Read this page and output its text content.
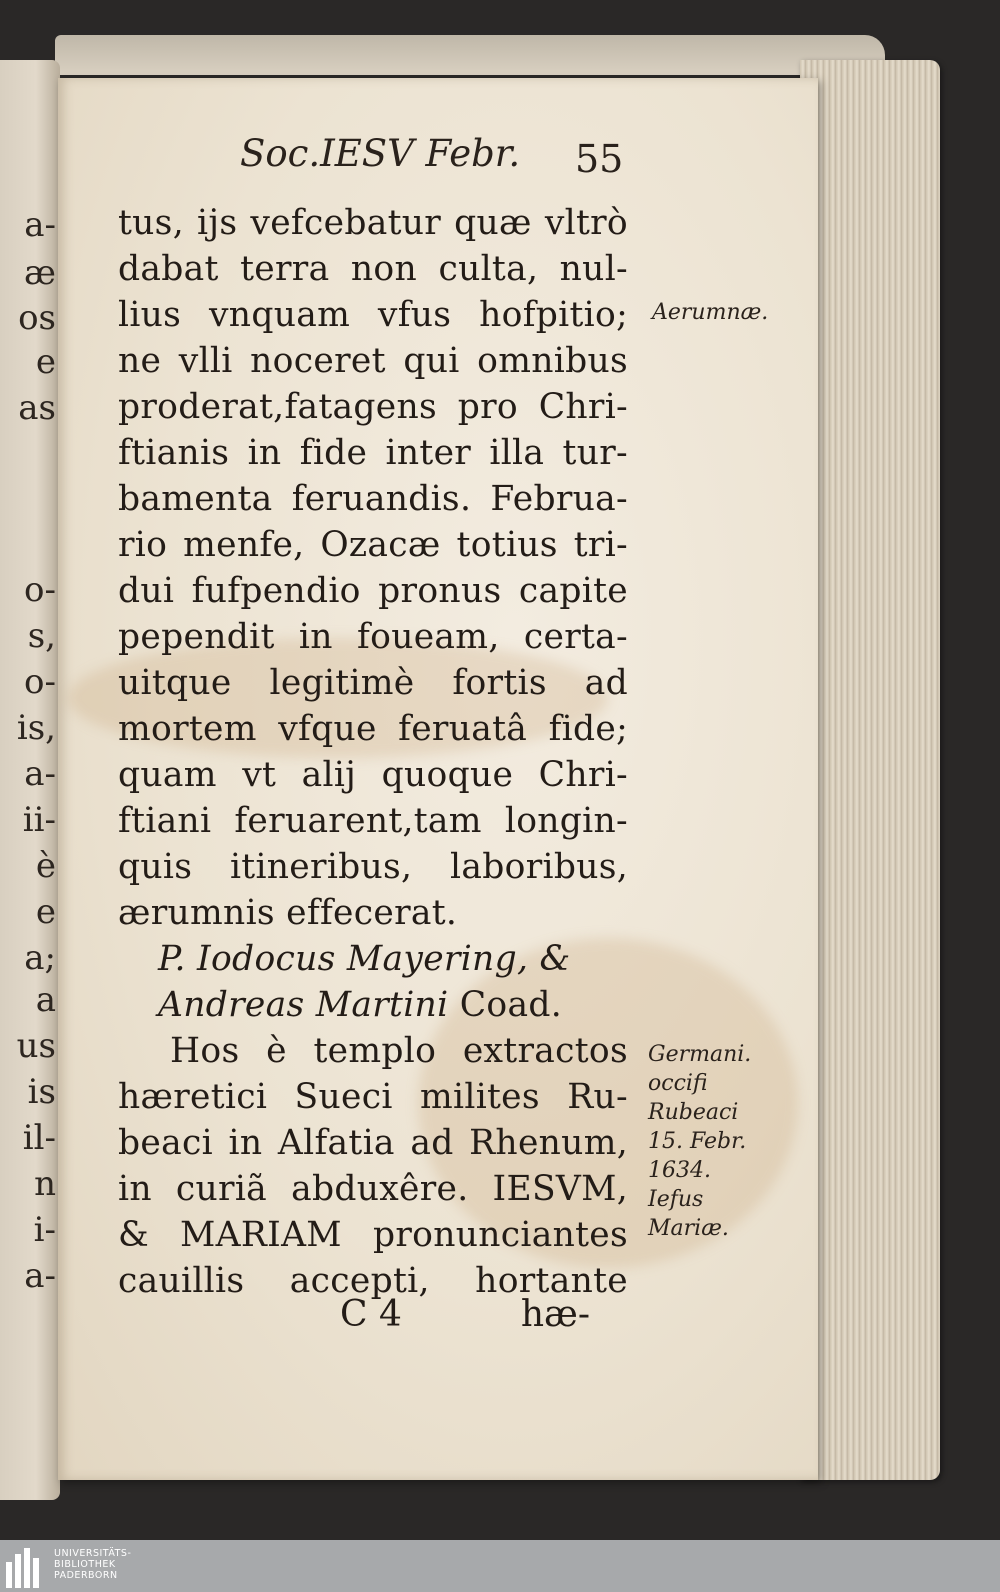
a-
æ
os
e
as
o-
s,
o-
is,
a-
ii-
è
e
a;
a
us
is
il-
n
i-
a-
Soc.IESV Febr. 55
tus, ijs vefcebatur quæ vltrò
dabat terra non culta, nul-
lius vnquam vfus hofpitio;
ne vlli noceret qui omnibus
proderat,fatagens pro Chri-
ftianis in fide inter illa tur-
bamenta feruandis. Februa-
rio menfe, Ozacæ totius tri-
dui fufpendio pronus capite
pependit in foueam, certa-
uitque legitimè fortis ad
mortem vfque feruatâ fide;
quam vt alij quoque Chri-
ftiani feruarent,tam longin-
quis itineribus, laboribus,
ærumnis effecerat.
P. Iodocus Mayering, &
Andreas Martini Coad.
Hos è templo extractos
hæretici Sueci milites Ru-
beaci in Alfatia ad Rhenum,
in curiã abduxêre. IESVM,
& MARIAM pronunciantes
cauillis accepti, hortante
C 4	hæ-
Aerumnæ.
Germani.
occifi
Rubeaci
15. Febr.
1634.
Iefus
Mariæ.
UNIVERSITÄTS-
BIBLIOTHEK
PADERBORN
